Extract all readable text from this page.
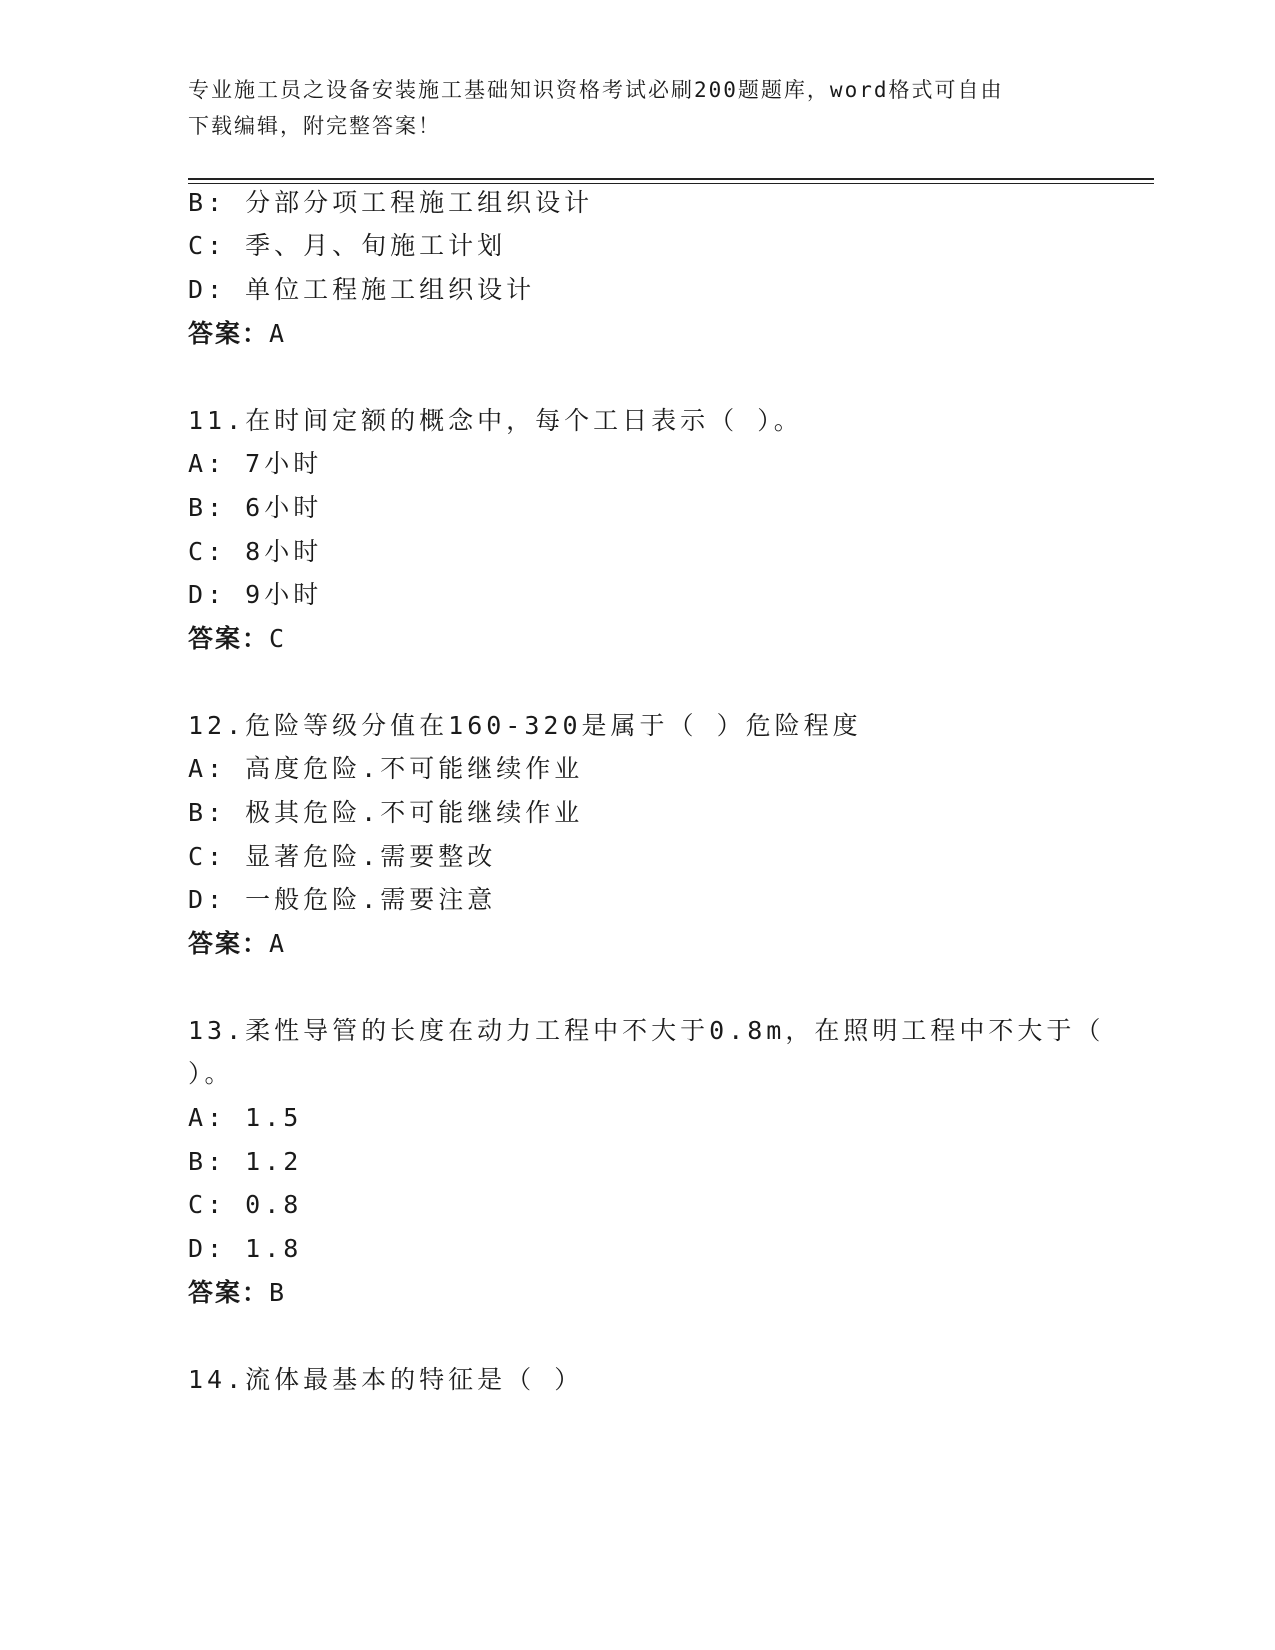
专业施工员之设备安装施工基础知识资格考试必刷200题题库，word格式可自由
下载编辑，附完整答案！
B: 分部分项工程施工组织设计
C: 季、月、旬施工计划
D: 单位工程施工组织设计
答案：A
11.在时间定额的概念中，每个工日表示（ ）。
A: 7小时
B: 6小时
C: 8小时
D: 9小时
答案：C
12.危险等级分值在160-320是属于（ ）危险程度
A: 高度危险.不可能继续作业
B: 极其危险.不可能继续作业
C: 显著危险.需要整改
D: 一般危险.需要注意
答案：A
13.柔性导管的长度在动力工程中不大于0.8m，在照明工程中不大于（
）。
A: 1.5
B: 1.2
C: 0.8
D: 1.8
答案：B
14.流体最基本的特征是（ ）
